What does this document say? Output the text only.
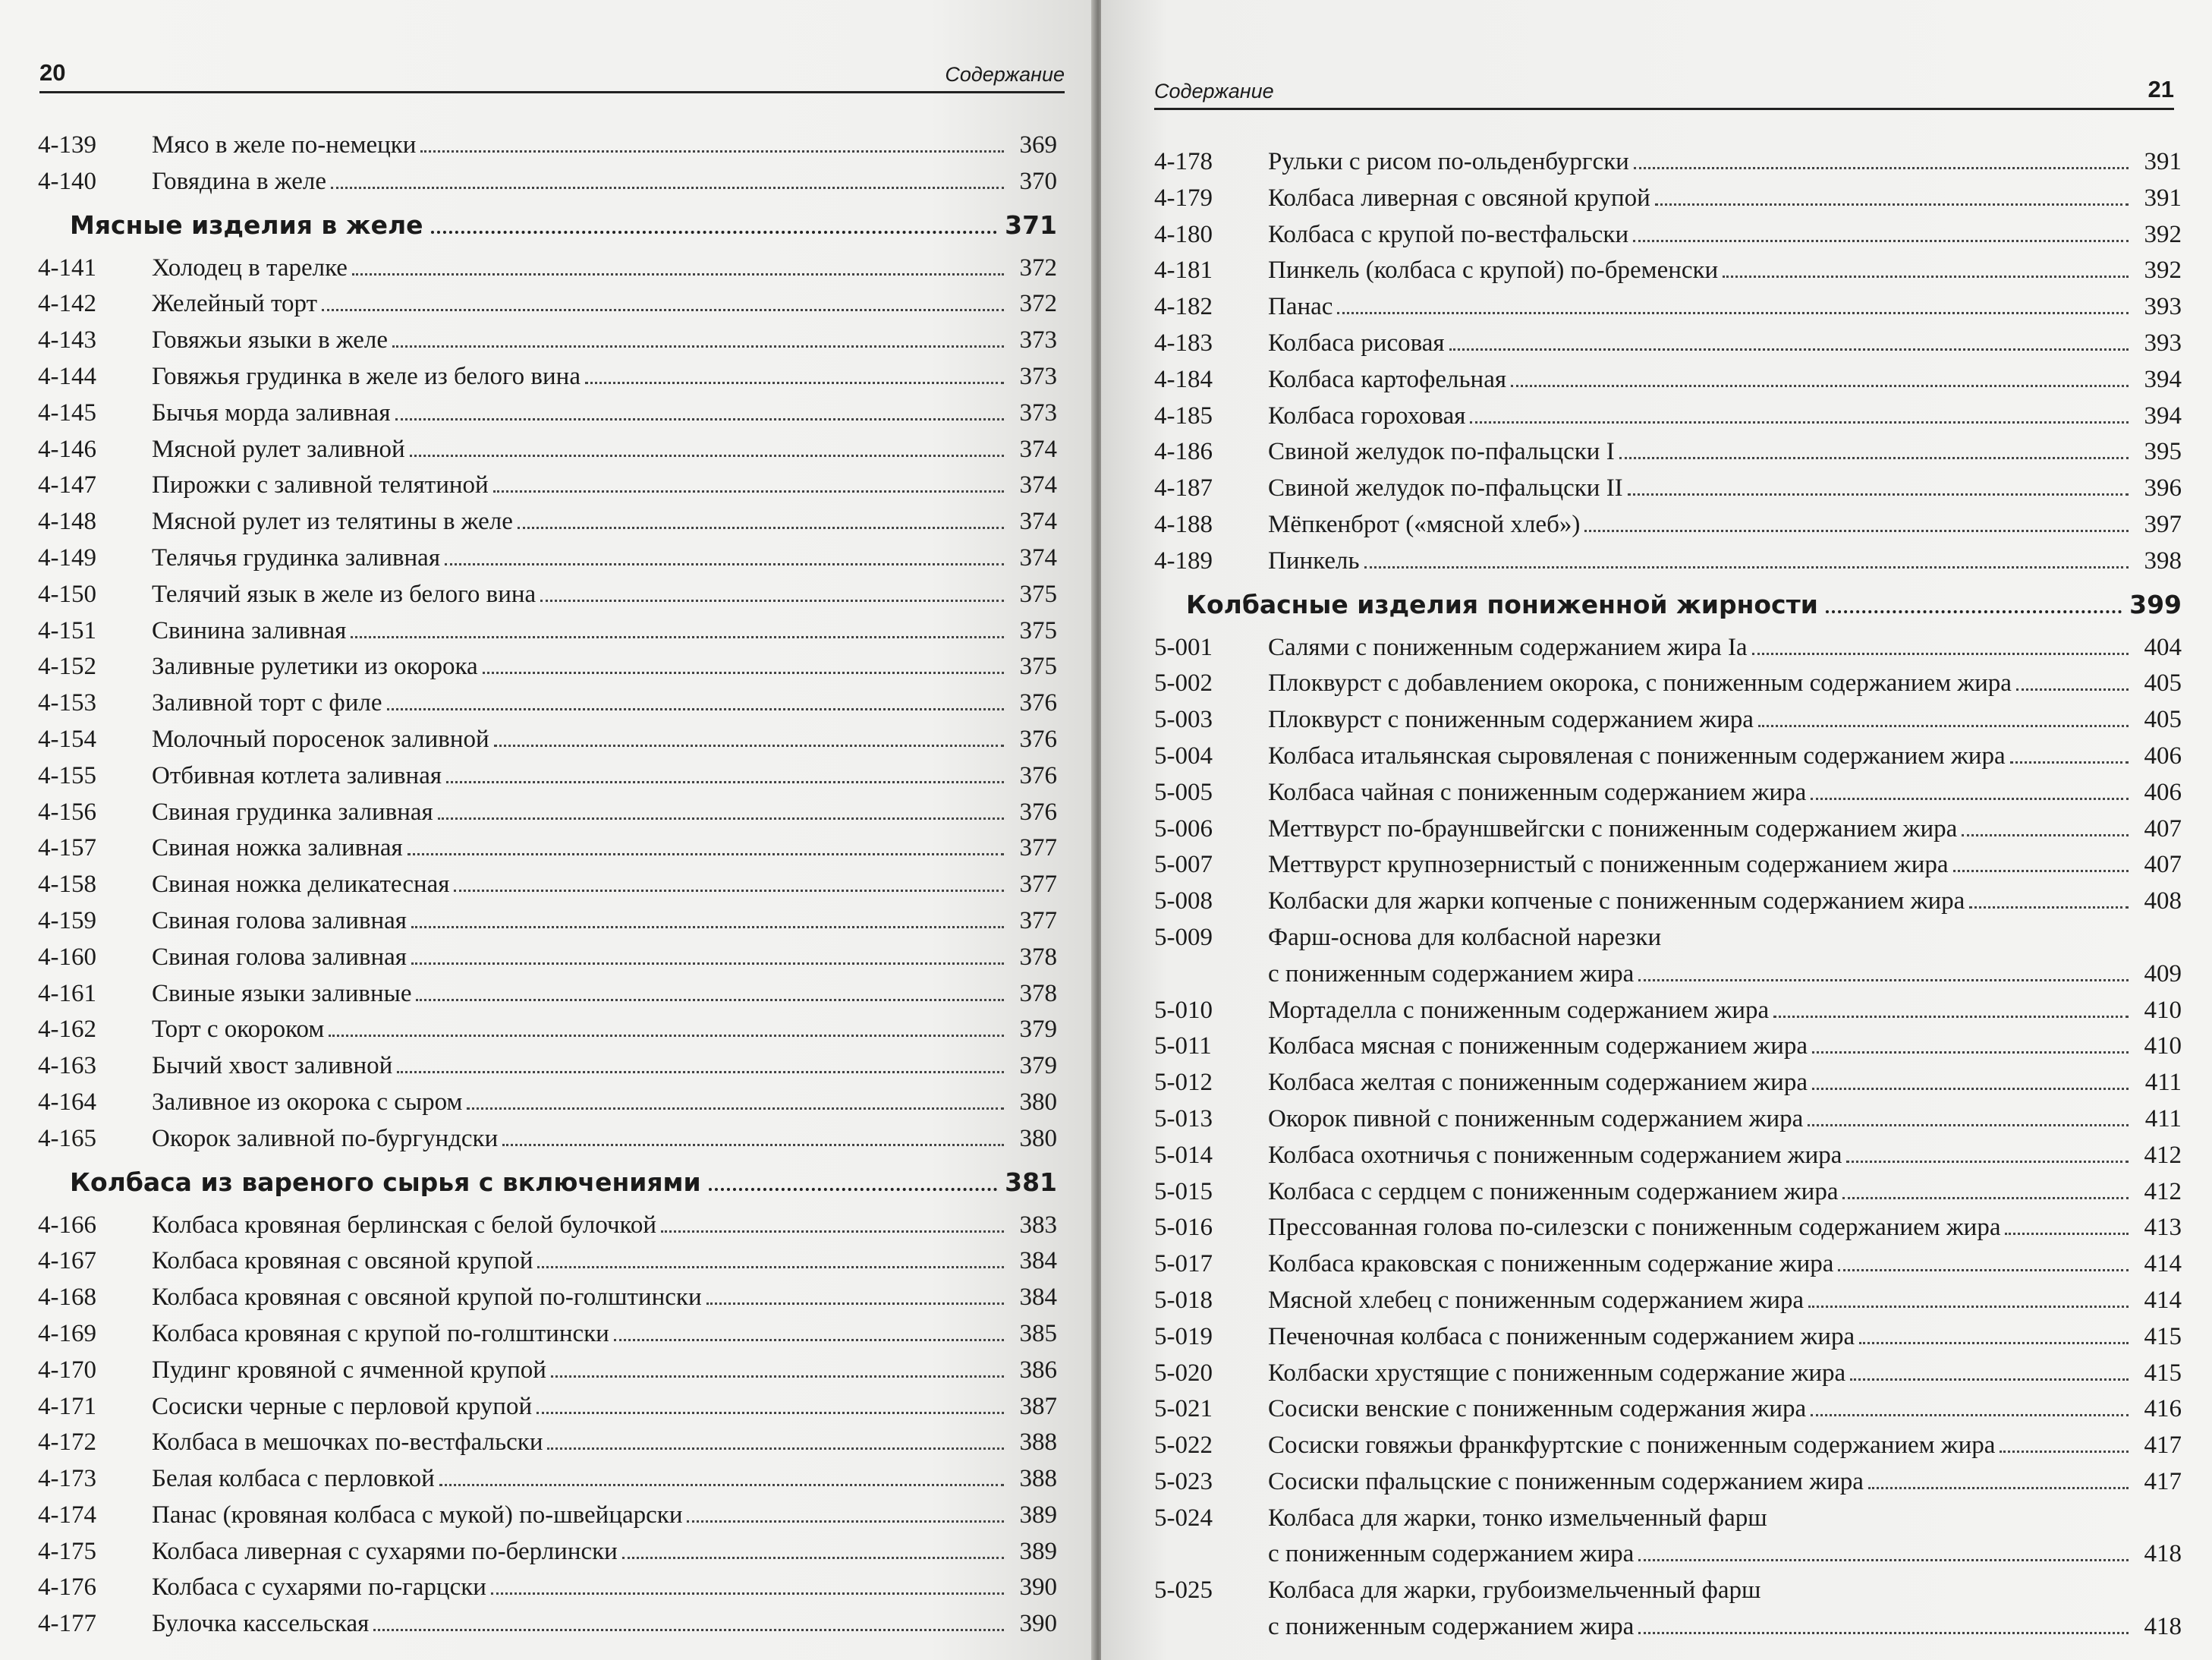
20	Содержание
4-139	Мясо в желе по-немецки	369
4-140	Говядина в желе	370
Мясные изделия в желе	371
4-141	Холодец в тарелке	372
4-142	Желейный торт	372
4-143	Говяжьи языки в желе	373
4-144	Говяжья грудинка в желе из белого вина	373
4-145	Бычья морда заливная	373
4-146	Мясной рулет заливной	374
4-147	Пирожки с заливной телятиной	374
4-148	Мясной рулет из телятины в желе	374
4-149	Телячья грудинка заливная	374
4-150	Телячий язык в желе из белого вина	375
4-151	Свинина заливная	375
4-152	Заливные рулетики из окорока	375
4-153	Заливной торт с филе	376
4-154	Молочный поросенок заливной	376
4-155	Отбивная котлета заливная	376
4-156	Свиная грудинка заливная	376
4-157	Свиная ножка заливная	377
4-158	Свиная ножка деликатесная	377
4-159	Свиная голова заливная	377
4-160	Свиная голова заливная	378
4-161	Свиные языки заливные	378
4-162	Торт с окороком	379
4-163	Бычий хвост заливной	379
4-164	Заливное из окорока с сыром	380
4-165	Окорок заливной по-бургундски	380
Колбаса из вареного сырья с включениями	381
4-166	Колбаса кровяная берлинская с белой булочкой	383
4-167	Колбаса кровяная с овсяной крупой	384
4-168	Колбаса кровяная с овсяной крупой по-голштински	384
4-169	Колбаса кровяная с крупой по-голштински	385
4-170	Пудинг кровяной с ячменной крупой	386
4-171	Сосиски черные с перловой крупой	387
4-172	Колбаса в мешочках по-вестфальски	388
4-173	Белая колбаса с перловкой	388
4-174	Панас (кровяная колбаса с мукой) по-швейцарски	389
4-175	Колбаса ливерная с сухарями по-берлински	389
4-176	Колбаса с сухарями по-гарцски	390
4-177	Булочка кассельская	390
Содержание	21
4-178	Рульки с рисом по-ольденбургски	391
4-179	Колбаса ливерная с овсяной крупой	391
4-180	Колбаса с крупой по-вестфальски	392
4-181	Пинкель (колбаса с крупой) по-бременски	392
4-182	Панас	393
4-183	Колбаса рисовая	393
4-184	Колбаса картофельная	394
4-185	Колбаса гороховая	394
4-186	Свиной желудок по-пфальцски I	395
4-187	Свиной желудок по-пфальцски II	396
4-188	Мёпкенброт («мясной хлеб»)	397
4-189	Пинкель	398
Колбасные изделия пониженной жирности	399
5-001	Салями с пониженным содержанием жира Ia	404
5-002	Плоквурст с добавлением окорока, с пониженным содержанием жира	405
5-003	Плоквурст с пониженным содержанием жира	405
5-004	Колбаса итальянская сыровяленая с пониженным содержанием жира	406
5-005	Колбаса чайная с пониженным содержанием жира	406
5-006	Меттвурст по-брауншвейгски с пониженным содержанием жира	407
5-007	Меттвурст крупнозернистый с пониженным содержанием жира	407
5-008	Колбаски для жарки копченые с пониженным содержанием жира	408
5-009	Фарш-основа для колбасной нарезки
с пониженным содержанием жира	409
5-010	Мортаделла с пониженным содержанием жира	410
5-011	Колбаса мясная с пониженным содержанием жира	410
5-012	Колбаса желтая с пониженным содержанием жира	411
5-013	Окорок пивной с пониженным содержанием жира	411
5-014	Колбаса охотничья с пониженным содержанием жира	412
5-015	Колбаса с сердцем с пониженным содержанием жира	412
5-016	Прессованная голова по-силезски с пониженным содержанием жира	413
5-017	Колбаса краковская с пониженным содержание жира	414
5-018	Мясной хлебец с пониженным содержанием жира	414
5-019	Печеночная колбаса с пониженным содержанием жира	415
5-020	Колбаски хрустящие с пониженным содержание жира	415
5-021	Сосиски венские с пониженным содержания жира	416
5-022	Сосиски говяжьи франкфуртские с пониженным содержанием жира	417
5-023	Сосиски пфальцские с пониженным содержанием жира	417
5-024	Колбаса для жарки, тонко измельченный фарш
с пониженным содержанием жира	418
5-025	Колбаса для жарки, грубоизмельченный фарш
с пониженным содержанием жира	418
